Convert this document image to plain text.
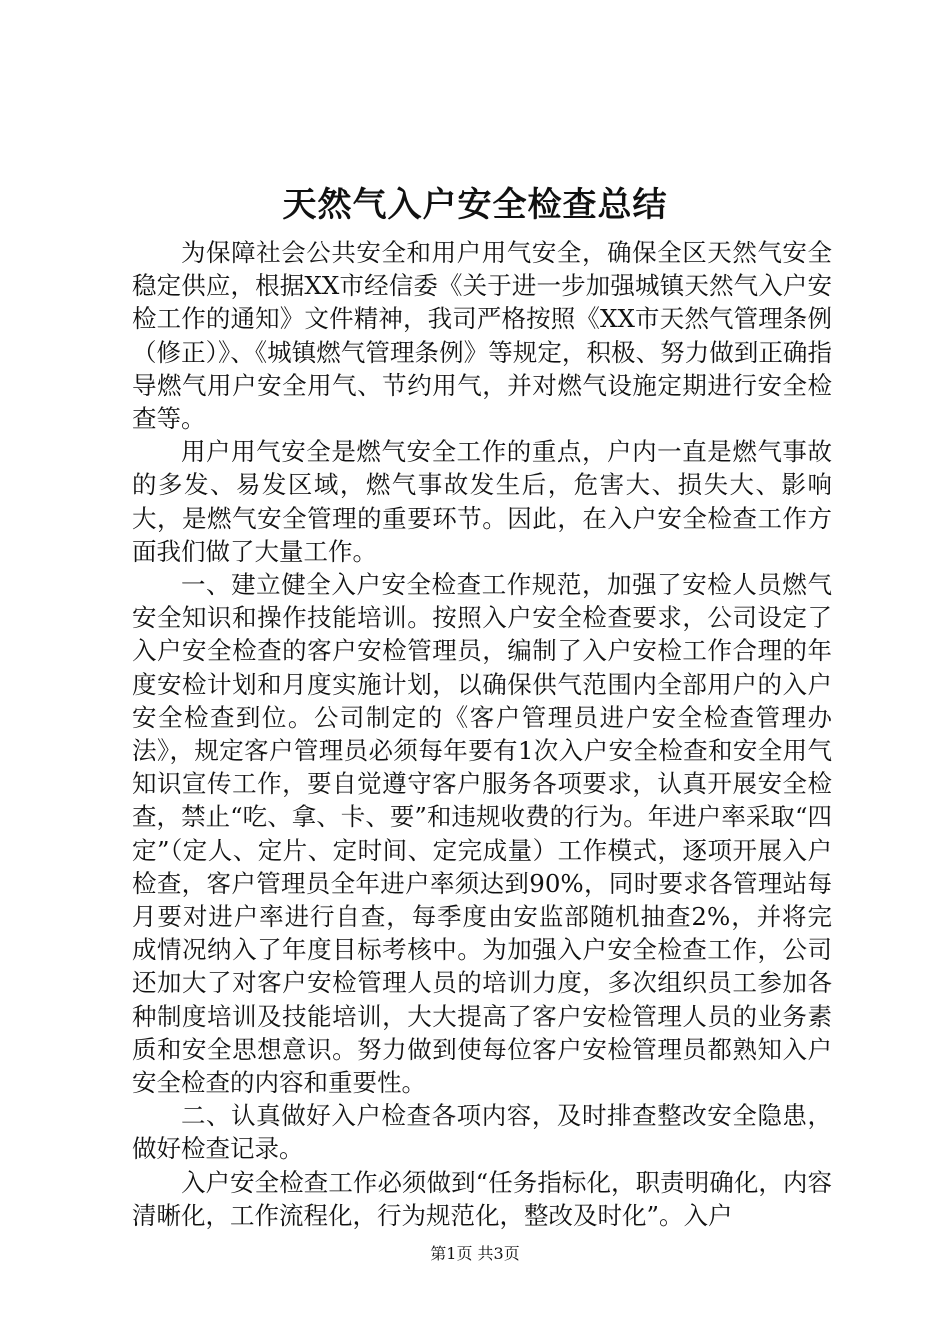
天然气入户安全检查总结

为保障社会公共安全和用户用气安全，确保全区天然气安全稳定供应，根据XX市经信委《关于进一步加强城镇天然气入户安检工作的通知》文件精神，我司严格按照《XX市天然气管理条例（修正）》、《城镇燃气管理条例》等规定，积极、努力做到正确指导燃气用户安全用气、节约用气，并对燃气设施定期进行安全检查等。

用户用气安全是燃气安全工作的重点，户内一直是燃气事故的多发、易发区域，燃气事故发生后，危害大、损失大、影响大，是燃气安全管理的重要环节。因此，在入户安全检查工作方面我们做了大量工作。

一、建立健全入户安全检查工作规范，加强了安检人员燃气安全知识和操作技能培训。按照入户安全检查要求，公司设定了入户安全检查的客户安检管理员，编制了入户安检工作合理的年度安检计划和月度实施计划，以确保供气范围内全部用户的入户安全检查到位。公司制定的《客户管理员进户安全检查管理办法》，规定客户管理员必须每年要有1次入户安全检查和安全用气知识宣传工作，要自觉遵守客户服务各项要求，认真开展安全检查，禁止“吃、拿、卡、要”和违规收费的行为。年进户率采取“四定”（定人、定片、定时间、定完成量）工作模式，逐项开展入户检查，客户管理员全年进户率须达到90%，同时要求各管理站每月要对进户率进行自查，每季度由安监部随机抽查2%，并将完成情况纳入了年度目标考核中。为加强入户安全检查工作，公司还加大了对客户安检管理人员的培训力度，多次组织员工参加各种制度培训及技能培训，大大提高了客户安检管理人员的业务素质和安全思想意识。努力做到使每位客户安检管理员都熟知入户安全检查的内容和重要性。

二、认真做好入户检查各项内容，及时排查整改安全隐患，做好检查记录。

入户安全检查工作必须做到“任务指标化，职责明确化，内容清晰化，工作流程化，行为规范化，整改及时化”。入户

第1页 共3页
